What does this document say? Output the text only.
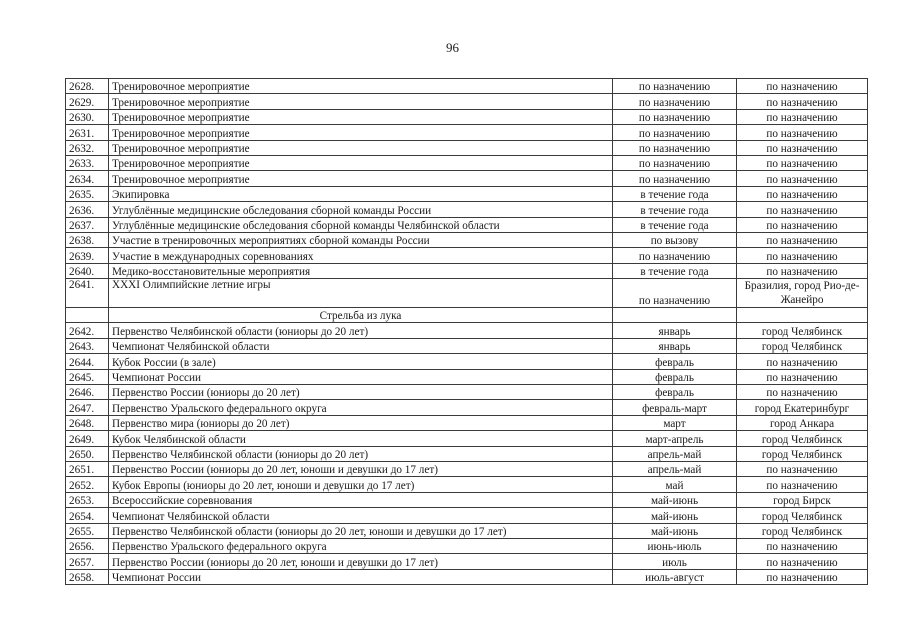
96
2628.	Тренировочное мероприятие	по назначению	по назначению
2629.	Тренировочное мероприятие	по назначению	по назначению
2630.	Тренировочное мероприятие	по назначению	по назначению
2631.	Тренировочное мероприятие	по назначению	по назначению
2632.	Тренировочное мероприятие	по назначению	по назначению
2633.	Тренировочное мероприятие	по назначению	по назначению
2634.	Тренировочное мероприятие	по назначению	по назначению
2635.	Экипировка	в течение года	по назначению
2636.	Углублённые медицинские обследования сборной команды России	в течение года	по назначению
2637.	Углублённые медицинские обследования сборной команды Челябинской области	в течение года	по назначению
2638.	Участие в тренировочных мероприятиях сборной команды России	по вызову	по назначению
2639.	Участие в международных соревнованиях	по назначению	по назначению
2640.	Медико-восстановительные мероприятия	в течение года	по назначению
2641.	XXXI Олимпийские летние игры	по назначению	Бразилия, город Рио-де-Жанейро
	Стрельба из лука		
2642.	Первенство Челябинской области (юниоры до 20 лет)	январь	город Челябинск
2643.	Чемпионат Челябинской области	январь	город Челябинск
2644.	Кубок России (в зале)	февраль	по назначению
2645.	Чемпионат России	февраль	по назначению
2646.	Первенство России (юниоры до 20 лет)	февраль	по назначению
2647.	Первенство Уральского федерального округа	февраль-март	город Екатеринбург
2648.	Первенство мира (юниоры до 20 лет)	март	город Анкара
2649.	Кубок Челябинской области	март-апрель	город Челябинск
2650.	Первенство Челябинской области (юниоры до 20 лет)	апрель-май	город Челябинск
2651.	Первенство России (юниоры до 20 лет, юноши и девушки до 17 лет)	апрель-май	по назначению
2652.	Кубок Европы (юниоры до 20 лет, юноши и девушки до 17 лет)	май	по назначению
2653.	Всероссийские соревнования	май-июнь	город Бирск
2654.	Чемпионат Челябинской области	май-июнь	город Челябинск
2655.	Первенство Челябинской области (юниоры до 20 лет, юноши и девушки до 17 лет)	май-июнь	город Челябинск
2656.	Первенство Уральского федерального округа	июнь-июль	по назначению
2657.	Первенство России (юниоры до 20 лет, юноши и девушки до 17 лет)	июль	по назначению
2658.	Чемпионат России	июль-август	по назначению
